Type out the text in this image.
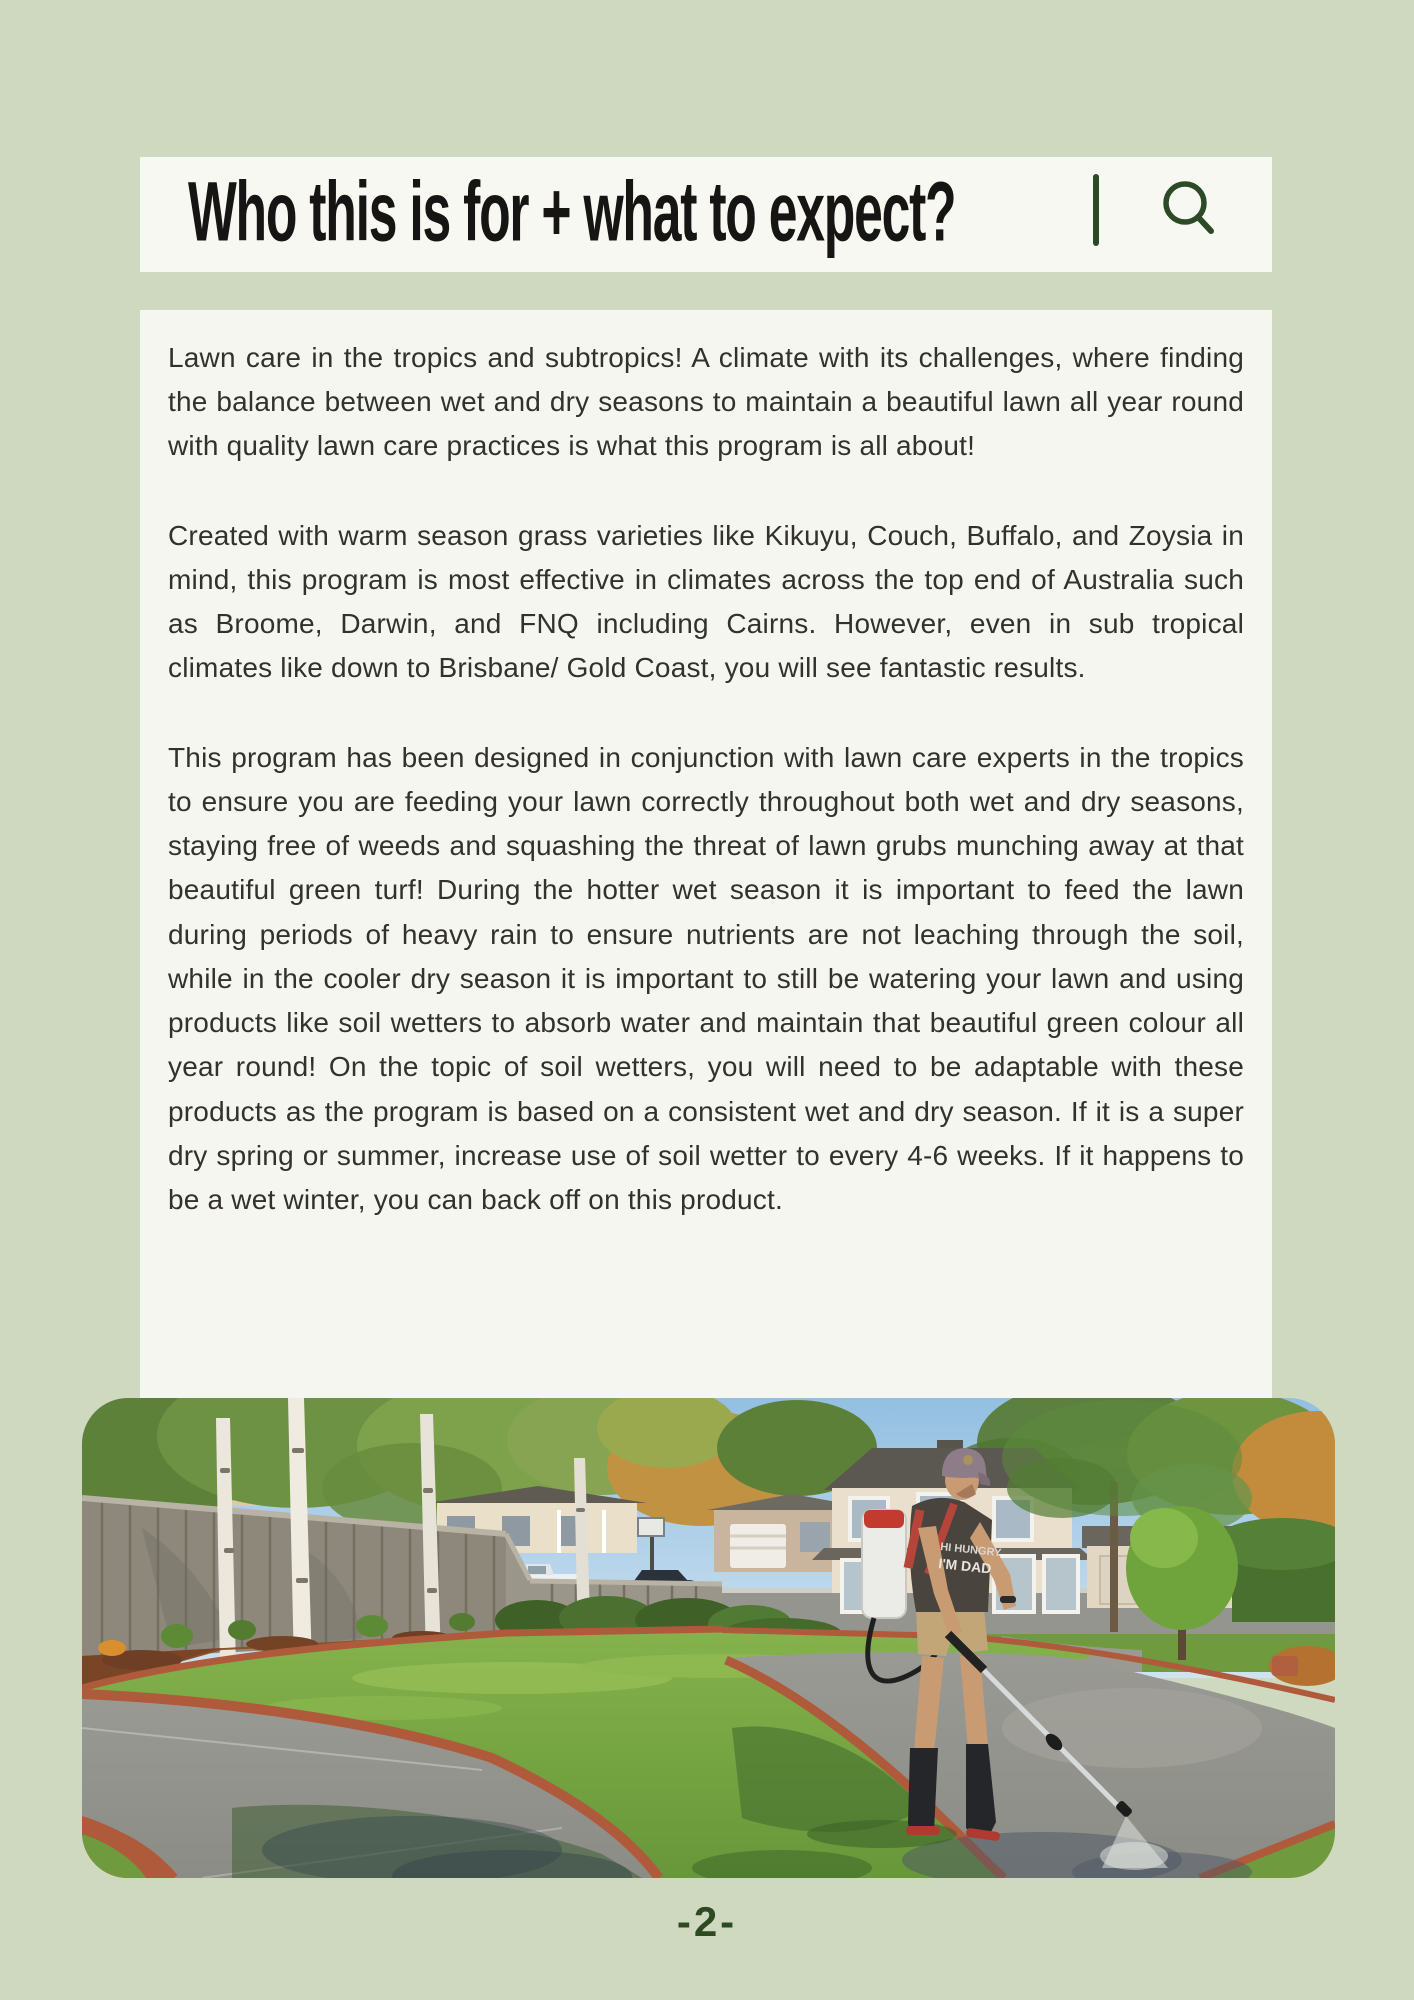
Who this is for + what to expect?

Lawn care in the tropics and subtropics! A climate with its challenges, where finding the balance between wet and dry seasons to maintain a beautiful lawn all year round with quality lawn care practices is what this program is all about!

Created with warm season grass varieties like Kikuyu, Couch, Buffalo, and Zoysia in mind, this program is most effective in climates across the top end of Australia such as Broome, Darwin, and FNQ including Cairns. However, even in sub tropical climates like down to Brisbane/ Gold Coast, you will see fantastic results.

This program has been designed in conjunction with lawn care experts in the tropics to ensure you are feeding your lawn correctly throughout both wet and dry seasons, staying free of weeds and squashing the threat of lawn grubs munching away at that beautiful green turf! During the hotter wet season it is important to feed the lawn during periods of heavy rain to ensure nutrients are not leaching through the soil, while in the cooler dry season it is important to still be watering your lawn and using products like soil wetters to absorb water and maintain that beautiful green colour all year round! On the topic of soil wetters, you will need to be adaptable with these products as the program is based on a consistent wet and dry season. If it is a super dry spring or summer, increase use of soil wetter to every 4-6 weeks. If it happens to be a wet winter, you can back off on this product.

HI HUNGRY
I'M DAD
-2-
